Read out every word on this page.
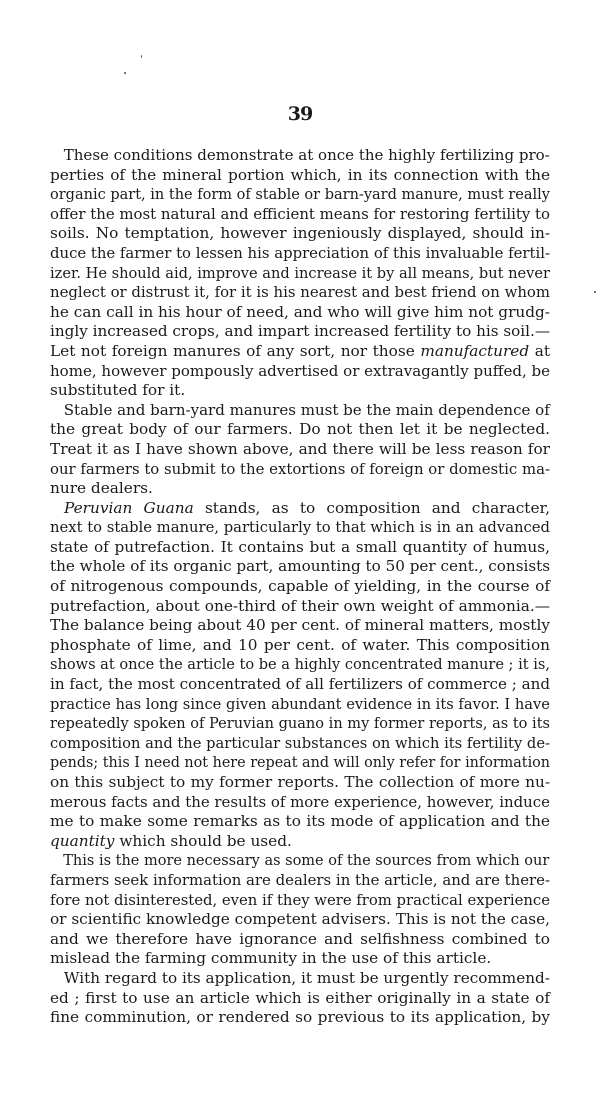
39
These conditions demonstrate at once the highly fertilizing pro-
perties of the mineral portion which, in its connection with the
organic part, in the form of stable or barn-yard manure, must really
offer the most natural and efficient means for restoring fertility to
soils. No temptation, however ingeniously displayed, should in-
duce the farmer to lessen his appreciation of this invaluable fertil-
izer. He should aid, improve and increase it by all means, but never
neglect or distrust it, for it is his nearest and best friend on whom
he can call in his hour of need, and who will give him not grudg-
ingly increased crops, and impart increased fertility to his soil.—
Let not foreign manures of any sort, nor those manufactured at
home, however pompously advertised or extravagantly puffed, be
substituted for it.
Stable and barn-yard manures must be the main dependence of
the great body of our farmers. Do not then let it be neglected.
Treat it as I have shown above, and there will be less reason for
our farmers to submit to the extortions of foreign or domestic ma-
nure dealers.
Peruvian Guana stands, as to composition and character,
next to stable manure, particularly to that which is in an advanced
state of putrefaction. It contains but a small quantity of humus,
the whole of its organic part, amounting to 50 per cent., consists
of nitrogenous compounds, capable of yielding, in the course of
putrefaction, about one-third of their own weight of ammonia.—
The balance being about 40 per cent. of mineral matters, mostly
phosphate of lime, and 10 per cent. of water. This composition
shows at once the article to be a highly concentrated manure ; it is,
in fact, the most concentrated of all fertilizers of commerce ; and
practice has long since given abundant evidence in its favor. I have
repeatedly spoken of Peruvian guano in my former reports, as to its
composition and the particular substances on which its fertility de-
pends; this I need not here repeat and will only refer for information
on this subject to my former reports. The collection of more nu-
merous facts and the results of more experience, however, induce
me to make some remarks as to its mode of application and the
quantity which should be used.
This is the more necessary as some of the sources from which our
farmers seek information are dealers in the article, and are there-
fore not disinterested, even if they were from practical experience
or scientific knowledge competent advisers. This is not the case,
and we therefore have ignorance and selfishness combined to
mislead the farming community in the use of this article.
With regard to its application, it must be urgently recommend-
ed ; first to use an article which is either originally in a state of
fine comminution, or rendered so previous to its application, by
